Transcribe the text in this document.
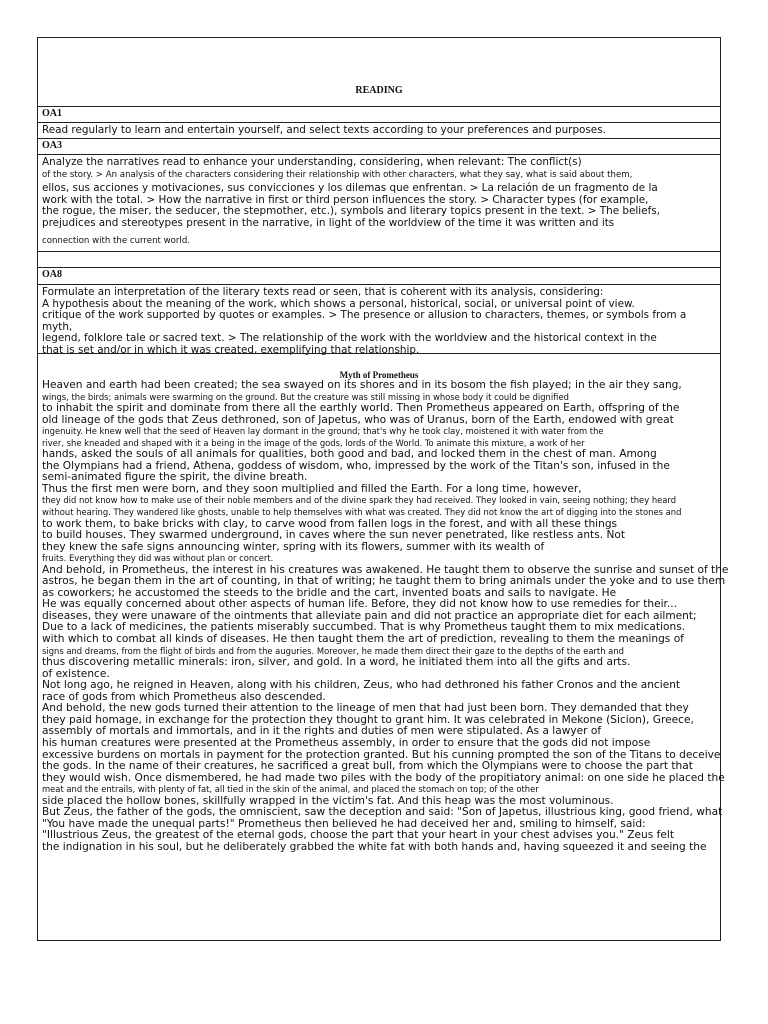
READING
OA1
Read regularly to learn and entertain yourself, and select texts according to your preferences and purposes.
OA3
Analyze the narratives read to enhance your understanding, considering, when relevant: The conflict(s)
of the story. > An analysis of the characters considering their relationship with other characters, what they say, what is said about them,
ellos, sus acciones y motivaciones, sus convicciones y los dilemas que enfrentan. > La relación de un fragmento de la
work with the total. > How the narrative in first or third person influences the story. > Character types (for example,
the rogue, the miser, the seducer, the stepmother, etc.), symbols and literary topics present in the text. > The beliefs,
prejudices and stereotypes present in the narrative, in light of the worldview of the time it was written and its
connection with the current world.
OA8
Formulate an interpretation of the literary texts read or seen, that is coherent with its analysis, considering:
A hypothesis about the meaning of the work, which shows a personal, historical, social, or universal point of view.
critique of the work supported by quotes or examples. > The presence or allusion to characters, themes, or symbols from a myth,
legend, folklore tale or sacred text. > The relationship of the work with the worldview and the historical context in the
that is set and/or in which it was created, exemplifying that relationship.
Myth of Prometheus
Heaven and earth had been created; the sea swayed on its shores and in its bosom the fish played; in the air they sang,
wings, the birds; animals were swarming on the ground. But the creature was still missing in whose body it could be dignified
to inhabit the spirit and dominate from there all the earthly world. Then Prometheus appeared on Earth, offspring of the
old lineage of the gods that Zeus dethroned, son of Japetus, who was of Uranus, born of the Earth, endowed with great
ingenuity. He knew well that the seed of Heaven lay dormant in the ground; that's why he took clay, moistened it with water from the
river, she kneaded and shaped with it a being in the image of the gods, lords of the World. To animate this mixture, a work of her
hands, asked the souls of all animals for qualities, both good and bad, and locked them in the chest of man. Among
the Olympians had a friend, Athena, goddess of wisdom, who, impressed by the work of the Titan's son, infused in the
semi-animated figure the spirit, the divine breath.
Thus the first men were born, and they soon multiplied and filled the Earth. For a long time, however,
they did not know how to make use of their noble members and of the divine spark they had received. They looked in vain, seeing nothing; they heard
without hearing. They wandered like ghosts, unable to help themselves with what was created. They did not know the art of digging into the stones and
to work them, to bake bricks with clay, to carve wood from fallen logs in the forest, and with all these things
to build houses. They swarmed underground, in caves where the sun never penetrated, like restless ants. Not
they knew the safe signs announcing winter, spring with its flowers, summer with its wealth of
fruits. Everything they did was without plan or concert.
And behold, in Prometheus, the interest in his creatures was awakened. He taught them to observe the sunrise and sunset of the
astros, he began them in the art of counting, in that of writing; he taught them to bring animals under the yoke and to use them
as coworkers; he accustomed the steeds to the bridle and the cart, invented boats and sails to navigate. He
He was equally concerned about other aspects of human life. Before, they did not know how to use remedies for their...
diseases, they were unaware of the ointments that alleviate pain and did not practice an appropriate diet for each ailment;
Due to a lack of medicines, the patients miserably succumbed. That is why Prometheus taught them to mix medications.
with which to combat all kinds of diseases. He then taught them the art of prediction, revealing to them the meanings of
signs and dreams, from the flight of birds and from the auguries. Moreover, he made them direct their gaze to the depths of the earth and
thus discovering metallic minerals: iron, silver, and gold. In a word, he initiated them into all the gifts and arts.
of existence.
Not long ago, he reigned in Heaven, along with his children, Zeus, who had dethroned his father Cronos and the ancient
race of gods from which Prometheus also descended.
And behold, the new gods turned their attention to the lineage of men that had just been born. They demanded that they
they paid homage, in exchange for the protection they thought to grant him. It was celebrated in Mekone (Sicion), Greece,
assembly of mortals and immortals, and in it the rights and duties of men were stipulated. As a lawyer of
his human creatures were presented at the Prometheus assembly, in order to ensure that the gods did not impose
excessive burdens on mortals in payment for the protection granted. But his cunning prompted the son of the Titans to deceive
the gods. In the name of their creatures, he sacrificed a great bull, from which the Olympians were to choose the part that
they would wish. Once dismembered, he had made two piles with the body of the propitiatory animal: on one side he placed the
meat and the entrails, with plenty of fat, all tied in the skin of the animal, and placed the stomach on top; of the other
side placed the hollow bones, skillfully wrapped in the victim's fat. And this heap was the most voluminous.
But Zeus, the father of the gods, the omniscient, saw the deception and said: "Son of Japetus, illustrious king, good friend, what
"You have made the unequal parts!" Prometheus then believed he had deceived her and, smiling to himself, said:
"Illustrious Zeus, the greatest of the eternal gods, choose the part that your heart in your chest advises you." Zeus felt
the indignation in his soul, but he deliberately grabbed the white fat with both hands and, having squeezed it and seeing the
